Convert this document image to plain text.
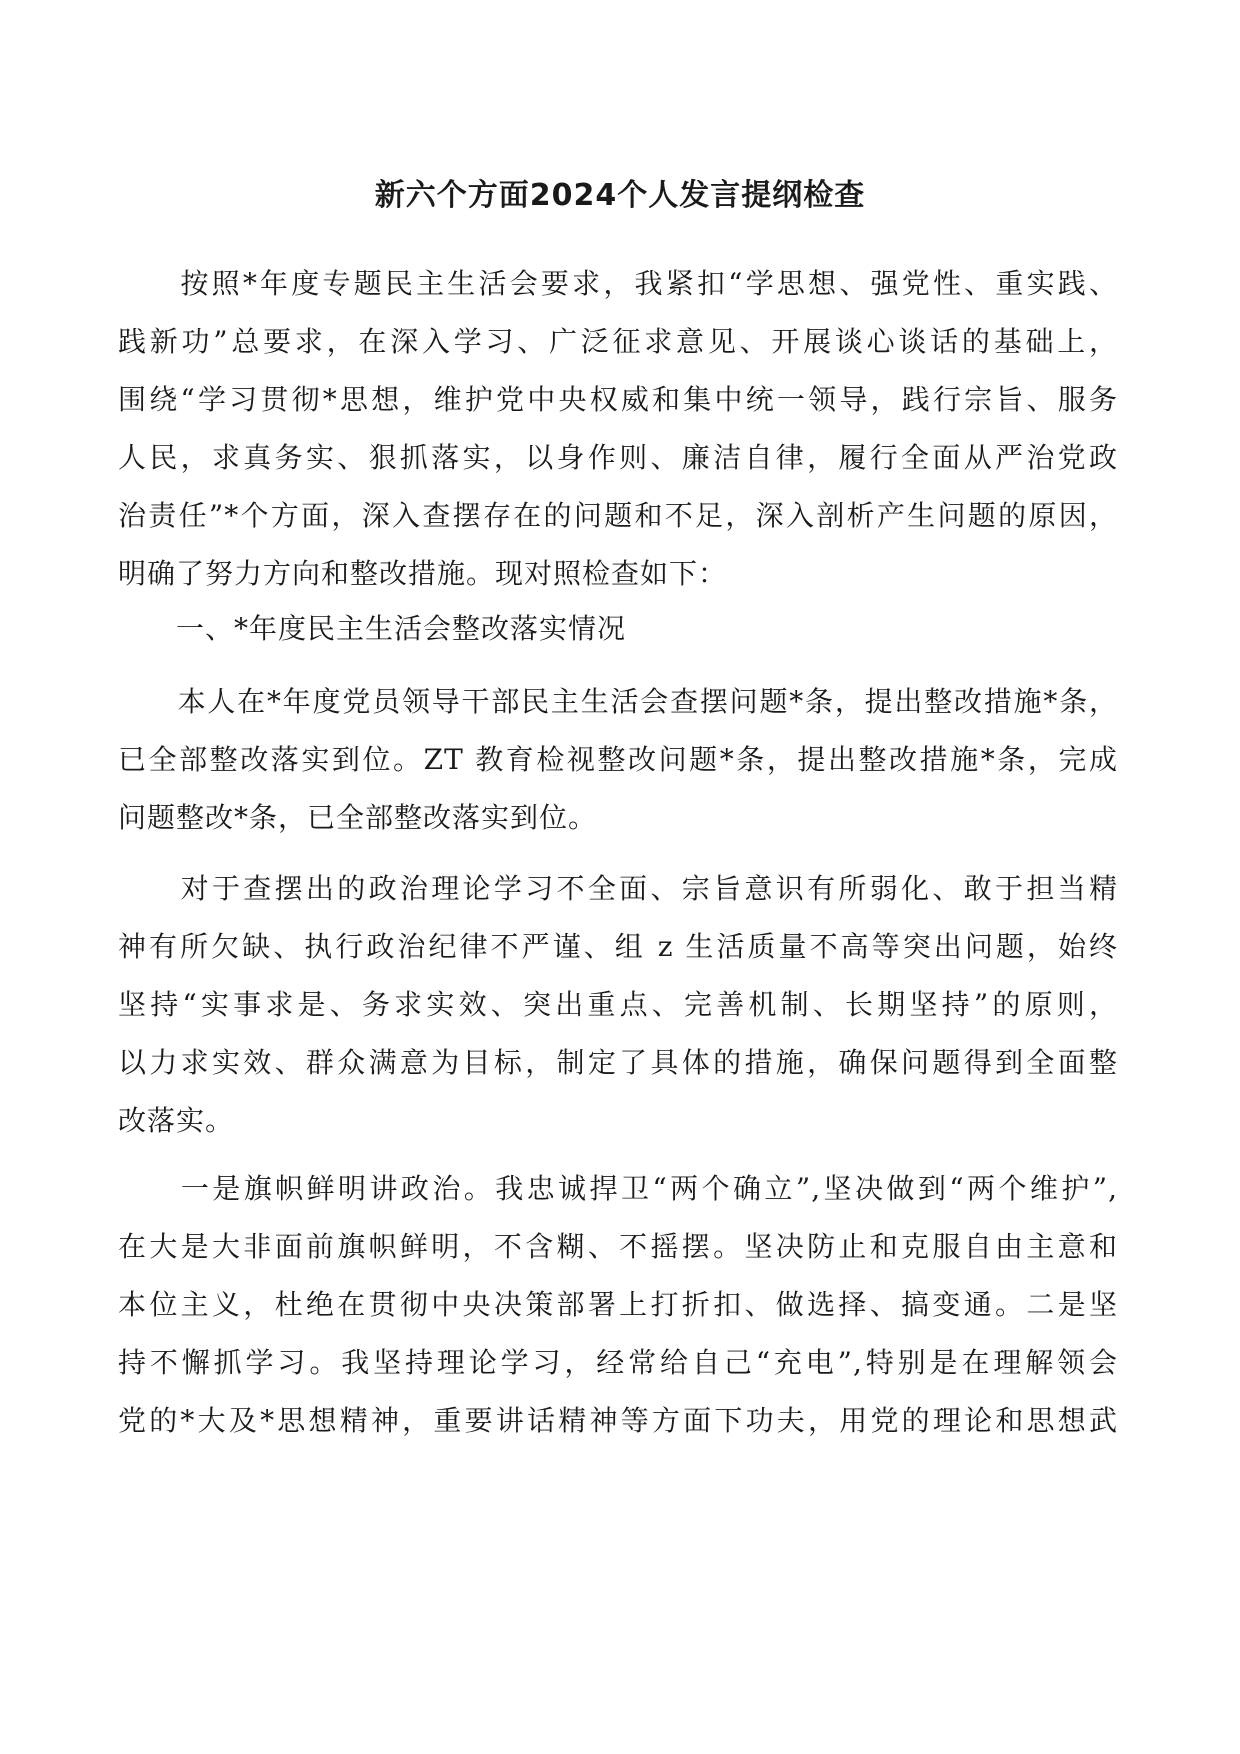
新六个方面2024个人发言提纲检查
　　按照*年度专题民主生活会要求，我紧扣“学思想、强党性、重实践、
践新功”总要求，在深入学习、广泛征求意见、开展谈心谈话的基础上，
围绕“学习贯彻*思想，维护党中央权威和集中统一领导，践行宗旨、服务
人民，求真务实、狠抓落实，以身作则、廉洁自律，履行全面从严治党政
治责任”*个方面，深入查摆存在的问题和不足，深入剖析产生问题的原因，
明确了努力方向和整改措施。现对照检查如下：
　　一、*年度民主生活会整改落实情况
　　本人在*年度党员领导干部民主生活会查摆问题*条，提出整改措施*条，
已全部整改落实到位。ZT 教育检视整改问题*条，提出整改措施*条，完成
问题整改*条，已全部整改落实到位。
　　对于查摆出的政治理论学习不全面、宗旨意识有所弱化、敢于担当精
神有所欠缺、执行政治纪律不严谨、组 z 生活质量不高等突出问题，始终
坚持“实事求是、务求实效、突出重点、完善机制、长期坚持”的原则，
以力求实效、群众满意为目标，制定了具体的措施，确保问题得到全面整
改落实。
　　一是旗帜鲜明讲政治。我忠诚捍卫“两个确立”,坚决做到“两个维护”,
在大是大非面前旗帜鲜明，不含糊、不摇摆。坚决防止和克服自由主意和
本位主义，杜绝在贯彻中央决策部署上打折扣、做选择、搞变通。二是坚
持不懈抓学习。我坚持理论学习，经常给自己“充电”,特别是在理解领会
党的*大及*思想精神，重要讲话精神等方面下功夫，用党的理论和思想武
